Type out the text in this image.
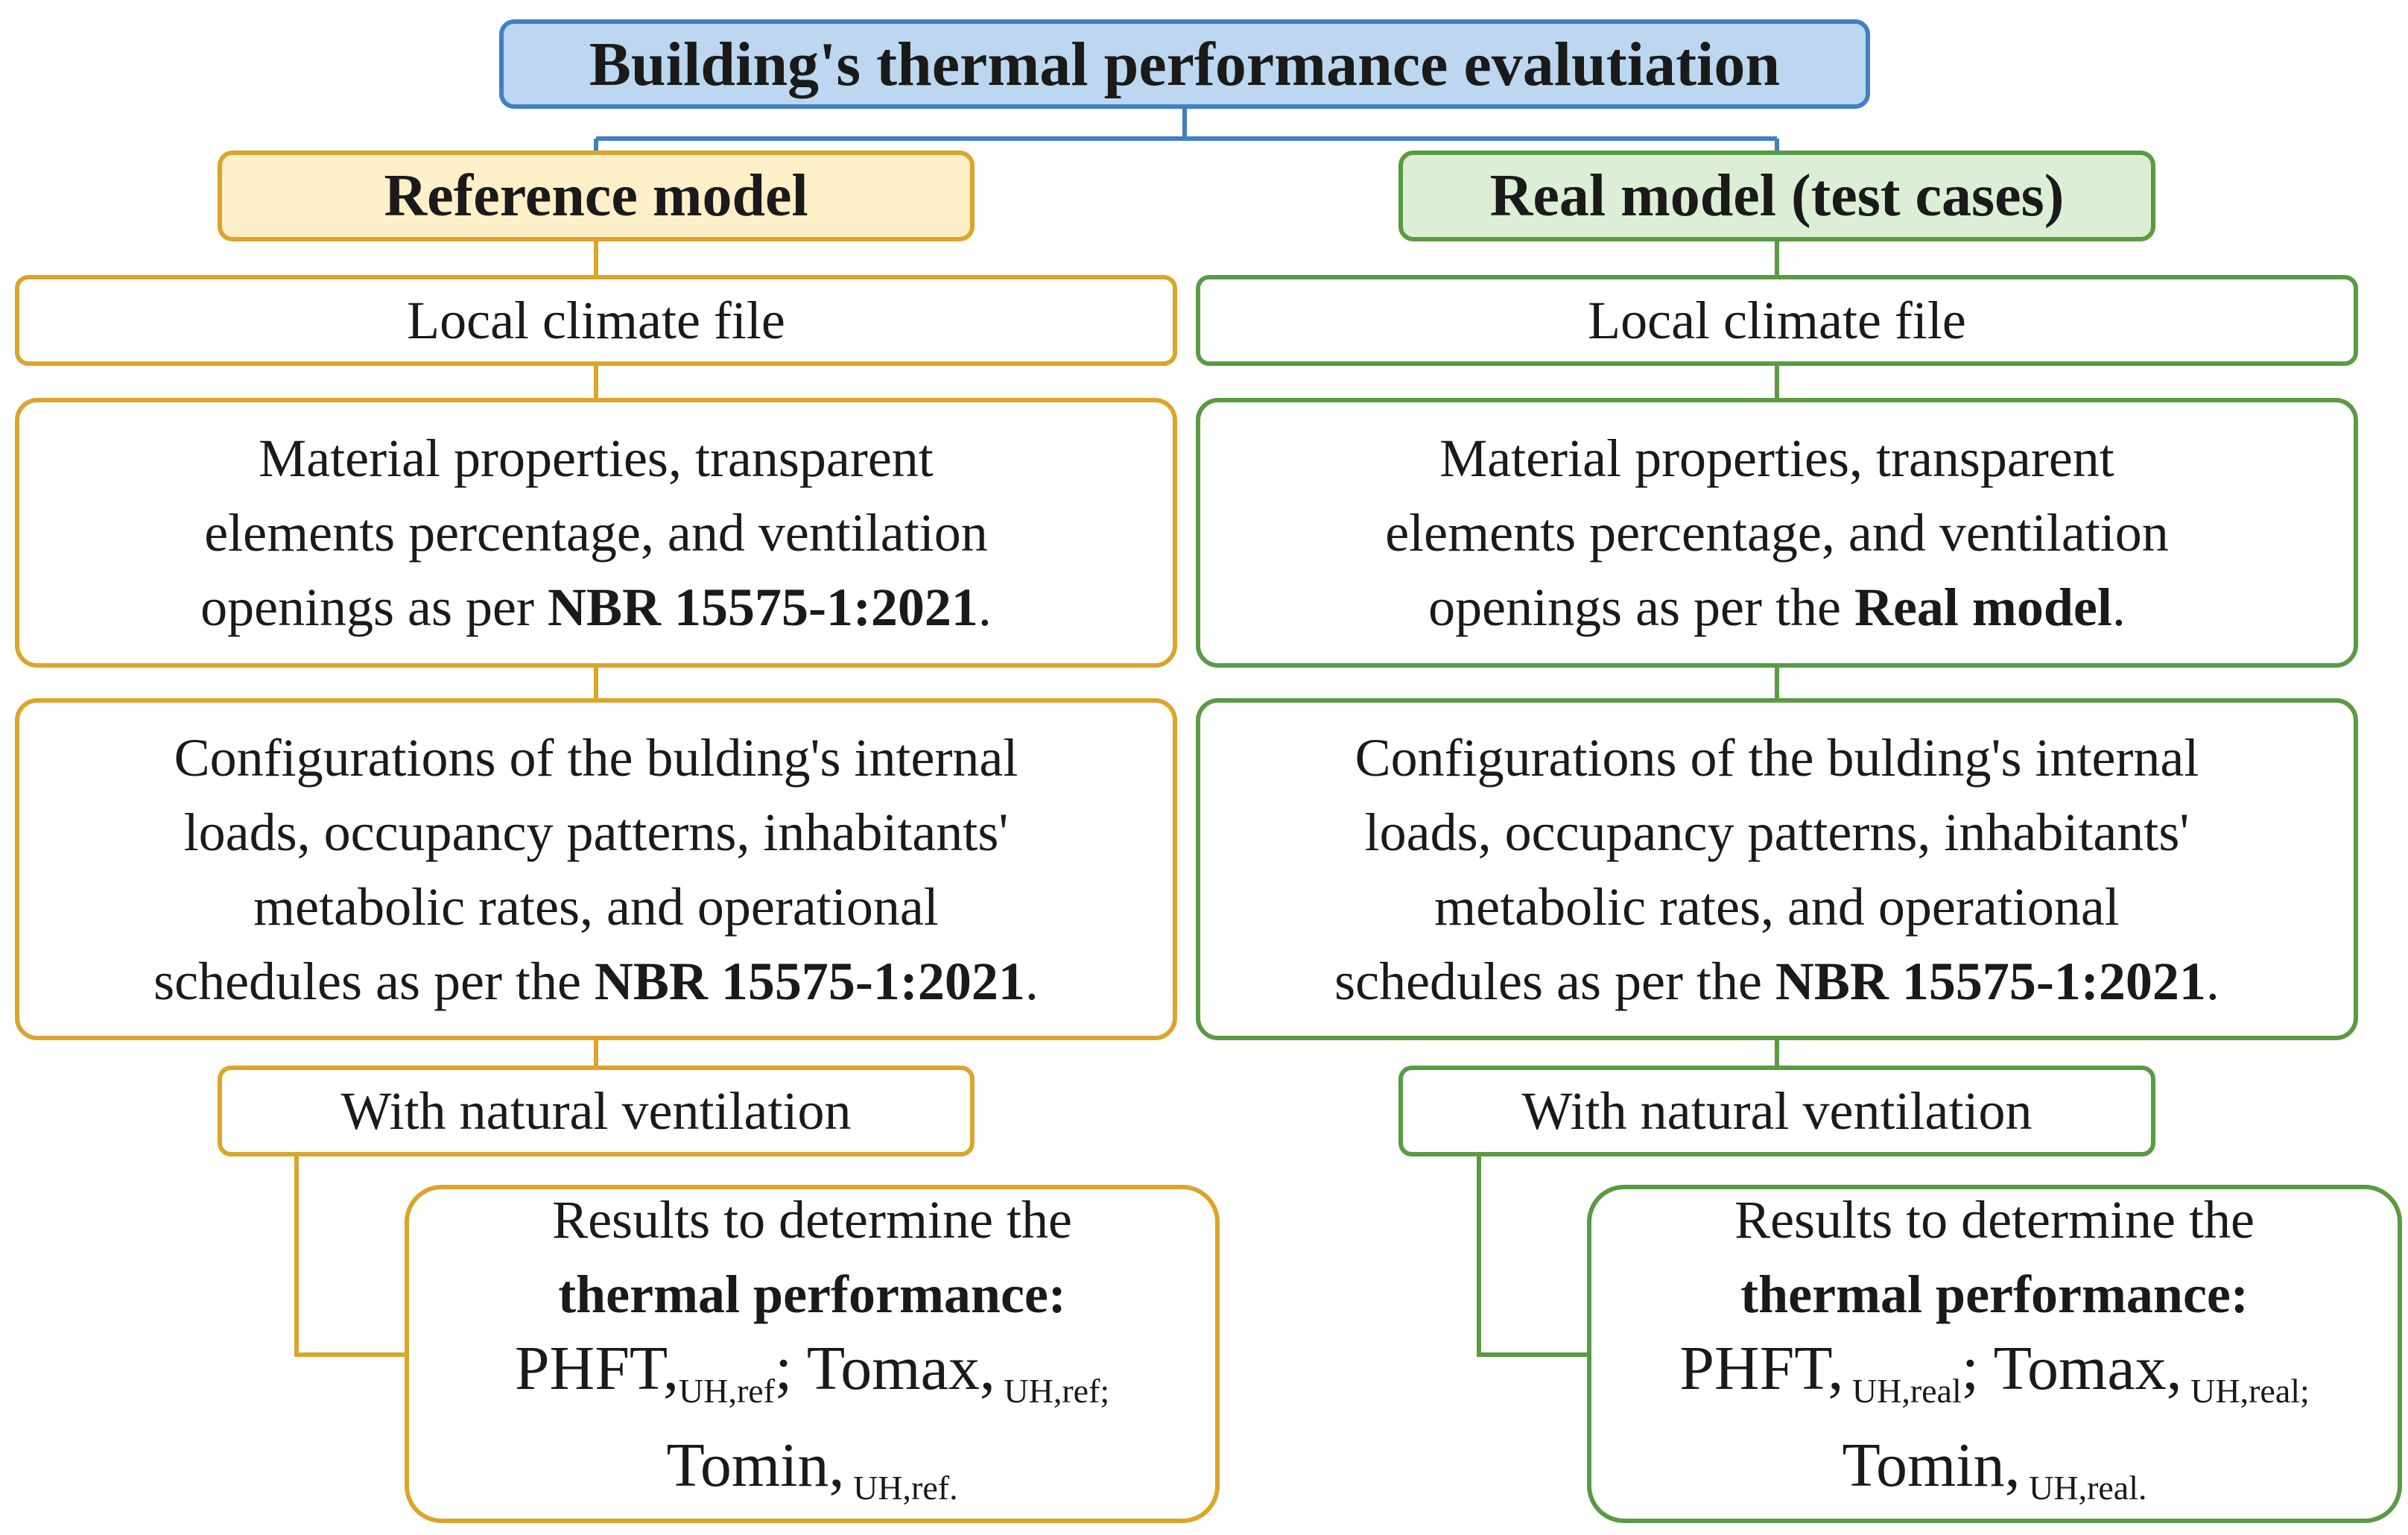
Building's thermal performance evalutiation
Reference model
Local climate file
Material properties, transparent
elements percentage, and ventilation
openings as per NBR 15575-1:2021.
Configurations of the bulding's internal
loads, occupancy patterns, inhabitants'
metabolic rates, and operational
schedules as per the NBR 15575-1:2021.
With natural ventilation
Results to determine the
thermal performance:
$PHFT,_{UH,ref}$; Tomax, $_{UH,ref;}$
Tomin, $_{UH,ref.}$
Real model (test cases)
Local climate file
Material properties, transparent
elements percentage, and ventilation
openings as per the Real model.
Configurations of the bulding's internal
loads, occupancy patterns, inhabitants'
metabolic rates, and operational
schedules as per the NBR 15575-1:2021.
With natural ventilation
Results to determine the
thermal performance:
PHFT, $_{UH,real}$; Tomax, $_{UH,real;}$
Tomin, $_{UH,real.}$
